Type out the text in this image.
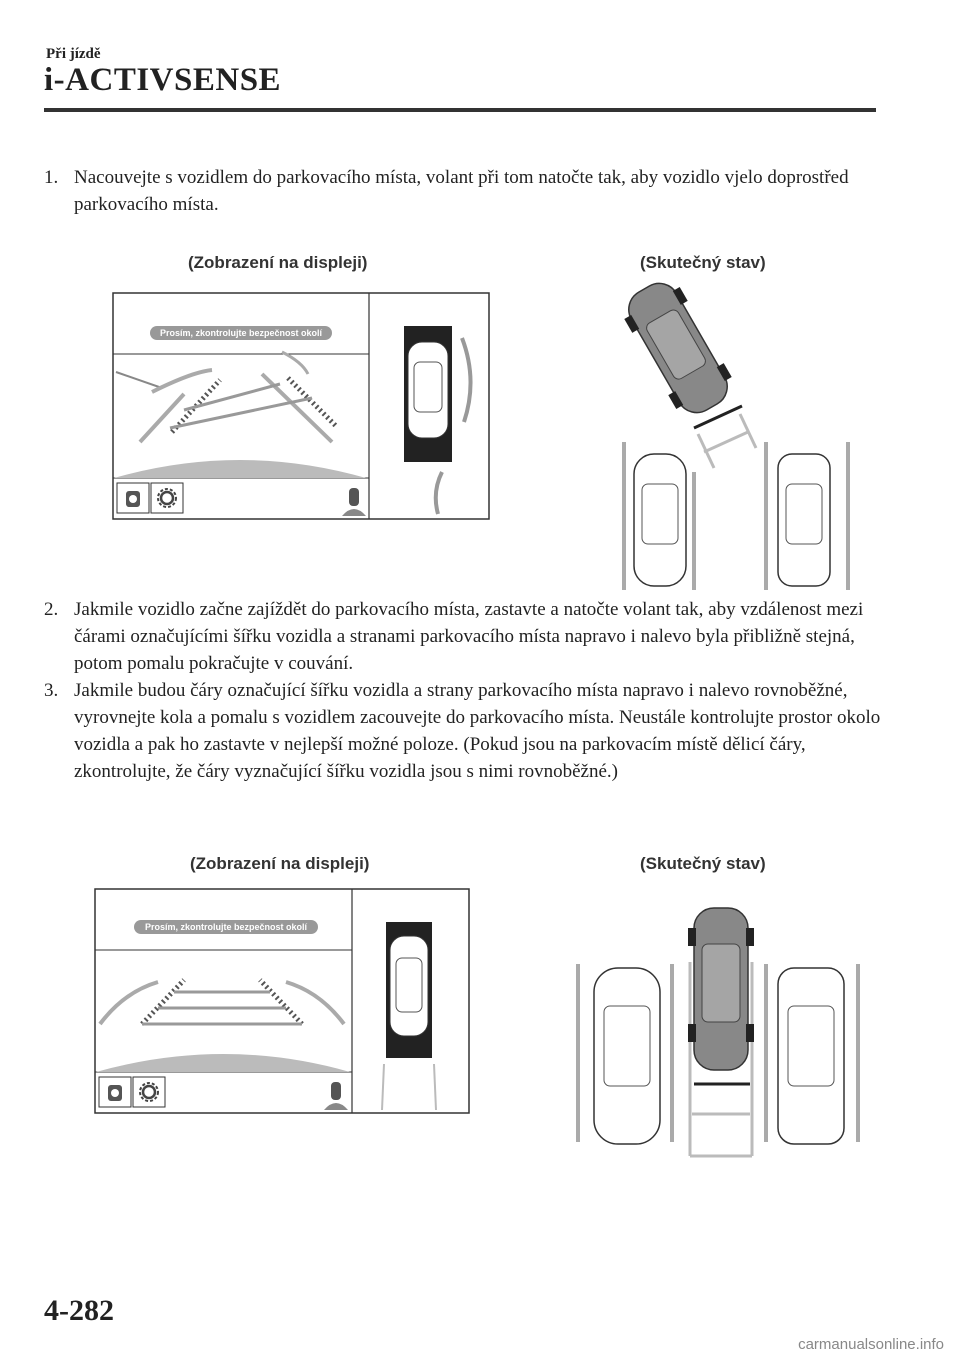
Při jízdě
i-ACTIVSENSE
1. Nacouvejte s vozidlem do parkovacího místa, volant při tom natočte tak, aby vozidlo vjelo doprostřed parkovacího místa.
(Zobrazení na displeji)	(Skutečný stav)
Prosím, zkontrolujte bezpečnost okolí
2. Jakmile vozidlo začne zajíždět do parkovacího místa, zastavte a natočte volant tak, aby vzdálenost mezi čárami označujícími šířku vozidla a stranami parkovacího místa napravo i nalevo byla přibližně stejná, potom pomalu pokračujte v couvání.
3. Jakmile budou čáry označující šířku vozidla a strany parkovacího místa napravo i nalevo rovnoběžné, vyrovnejte kola a pomalu s vozidlem zacouvejte do parkovacího místa. Neustále kontrolujte prostor okolo vozidla a pak ho zastavte v nejlepší možné poloze. (Pokud jsou na parkovacím místě dělicí čáry, zkontrolujte, že čáry vyznačující šířku vozidla jsou s nimi rovnoběžné.)
(Zobrazení na displeji)	(Skutečný stav)
Prosím, zkontrolujte bezpečnost okolí
4-282
carmanualsonline.info
